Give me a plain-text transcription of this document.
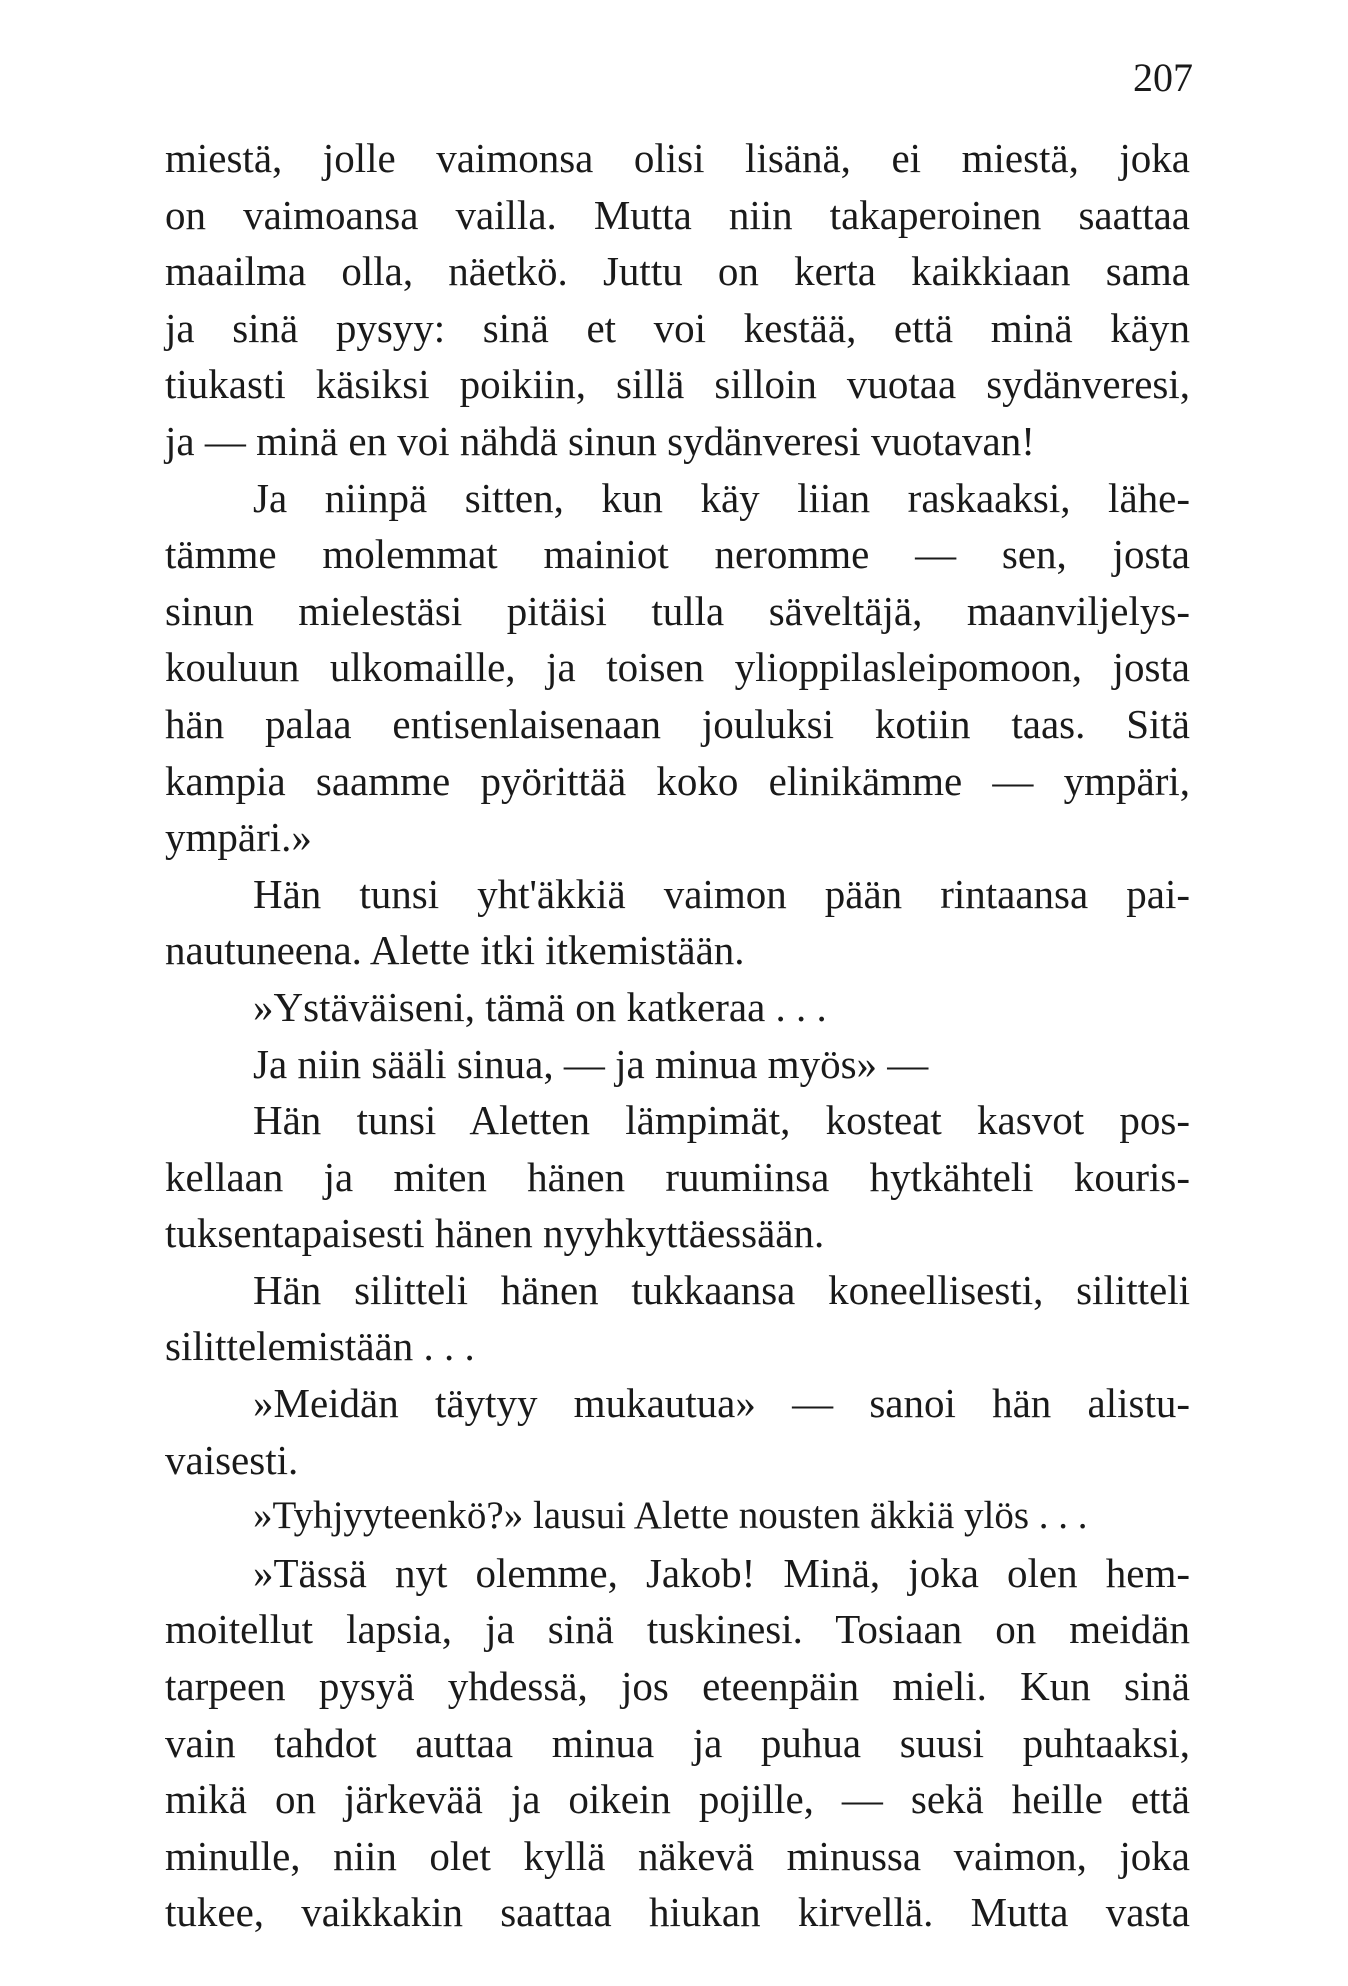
207
miestä, jolle vaimonsa olisi lisänä, ei miestä, joka
on vaimoansa vailla. Mutta niin takaperoinen saattaa
maailma olla, näetkö. Juttu on kerta kaikkiaan sama
ja sinä pysyy: sinä et voi kestää, että minä käyn
tiukasti käsiksi poikiin, sillä silloin vuotaa sydänveresi,
ja — minä en voi nähdä sinun sydänveresi vuotavan!
Ja niinpä sitten, kun käy liian raskaaksi, lähe-
tämme molemmat mainiot neromme — sen, josta
sinun mielestäsi pitäisi tulla säveltäjä, maanviljelys-
kouluun ulkomaille, ja toisen ylioppilasleipomoon, josta
hän palaa entisenlaisenaan jouluksi kotiin taas. Sitä
kampia saamme pyörittää koko elinikämme — ympäri,
ympäri.»
Hän tunsi yht'äkkiä vaimon pään rintaansa pai-
nautuneena. Alette itki itkemistään.
»Ystäväiseni, tämä on katkeraa . . .
Ja niin sääli sinua, — ja minua myös» —
Hän tunsi Aletten lämpimät, kosteat kasvot pos-
kellaan ja miten hänen ruumiinsa hytkähteli kouris-
tuksentapaisesti hänen nyyhkyttäessään.
Hän silitteli hänen tukkaansa koneellisesti, silitteli
silittelemistään . . .
»Meidän täytyy mukautua» — sanoi hän alistu-
vaisesti.
»Tyhjyyteenkö?» lausui Alette nousten äkkiä ylös . . .
»Tässä nyt olemme, Jakob! Minä, joka olen hem-
moitellut lapsia, ja sinä tuskinesi. Tosiaan on meidän
tarpeen pysyä yhdessä, jos eteenpäin mieli. Kun sinä
vain tahdot auttaa minua ja puhua suusi puhtaaksi,
mikä on järkevää ja oikein pojille, — sekä heille että
minulle, niin olet kyllä näkevä minussa vaimon, joka
tukee, vaikkakin saattaa hiukan kirvellä. Mutta vasta
